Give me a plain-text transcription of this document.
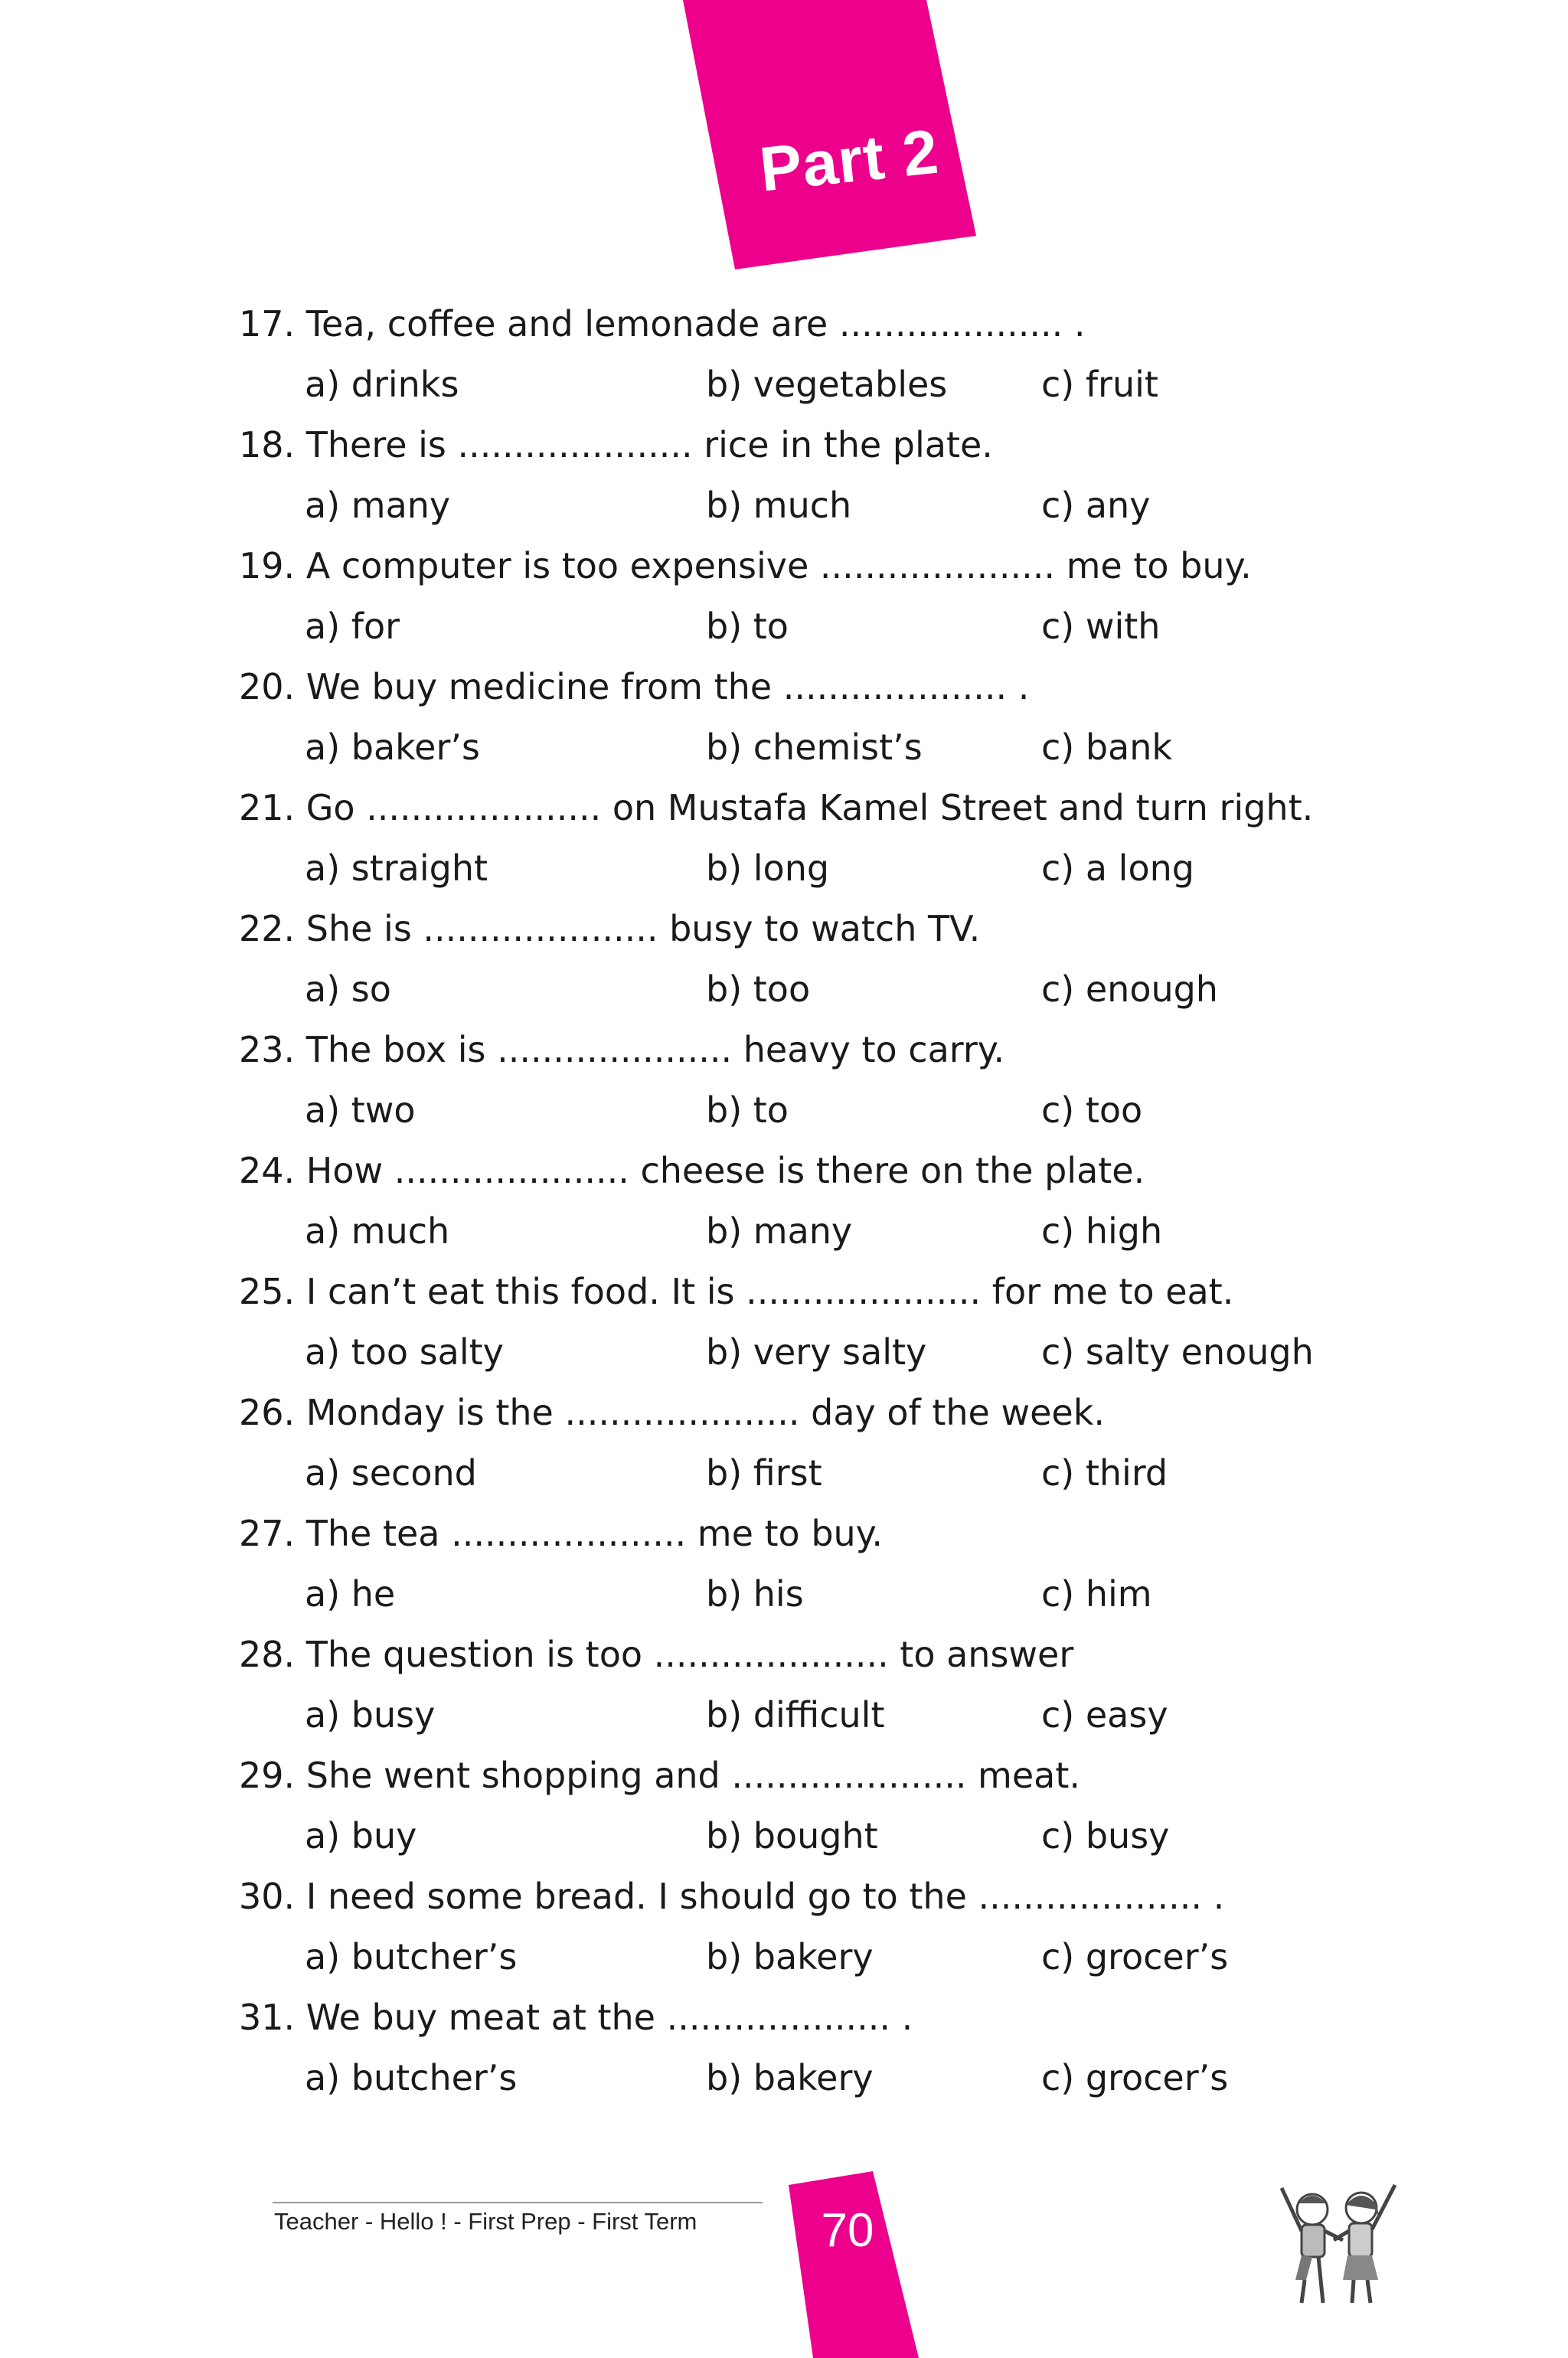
Part 2
17. Tea, coffee and lemonade are .................... .
a) drinks	b) vegetables	c) fruit
18. There is ..................... rice in the plate.
a) many	b) much	c) any
19. A computer is too expensive ..................... me to buy.
a) for	b) to	c) with
20. We buy medicine from the .................... .
a) baker’s	b) chemist’s	c) bank
21. Go ..................... on Mustafa Kamel Street and turn right.
a) straight	b) long	c) a long
22. She is ..................... busy to watch TV.
a) so	b) too	c) enough
23. The box is ..................... heavy to carry.
a) two	b) to	c) too
24. How ..................... cheese is there on the plate.
a) much	b) many	c) high
25. I can’t eat this food. It is ..................... for me to eat.
a) too salty	b) very salty	c) salty enough
26. Monday is the ..................... day of the week.
a) second	b) first	c) third
27. The tea ..................... me to buy.
a) he	b) his	c) him
28. The question is too ..................... to answer
a) busy	b) difficult	c) easy
29. She went shopping and ..................... meat.
a) buy	b) bought	c) busy
30. I need some bread. I should go to the .................... .
a) butcher’s	b) bakery	c) grocer’s
31. We buy meat at the .................... .
a) butcher’s	b) bakery	c) grocer’s
Teacher - Hello ! - First Prep - First Term	70
